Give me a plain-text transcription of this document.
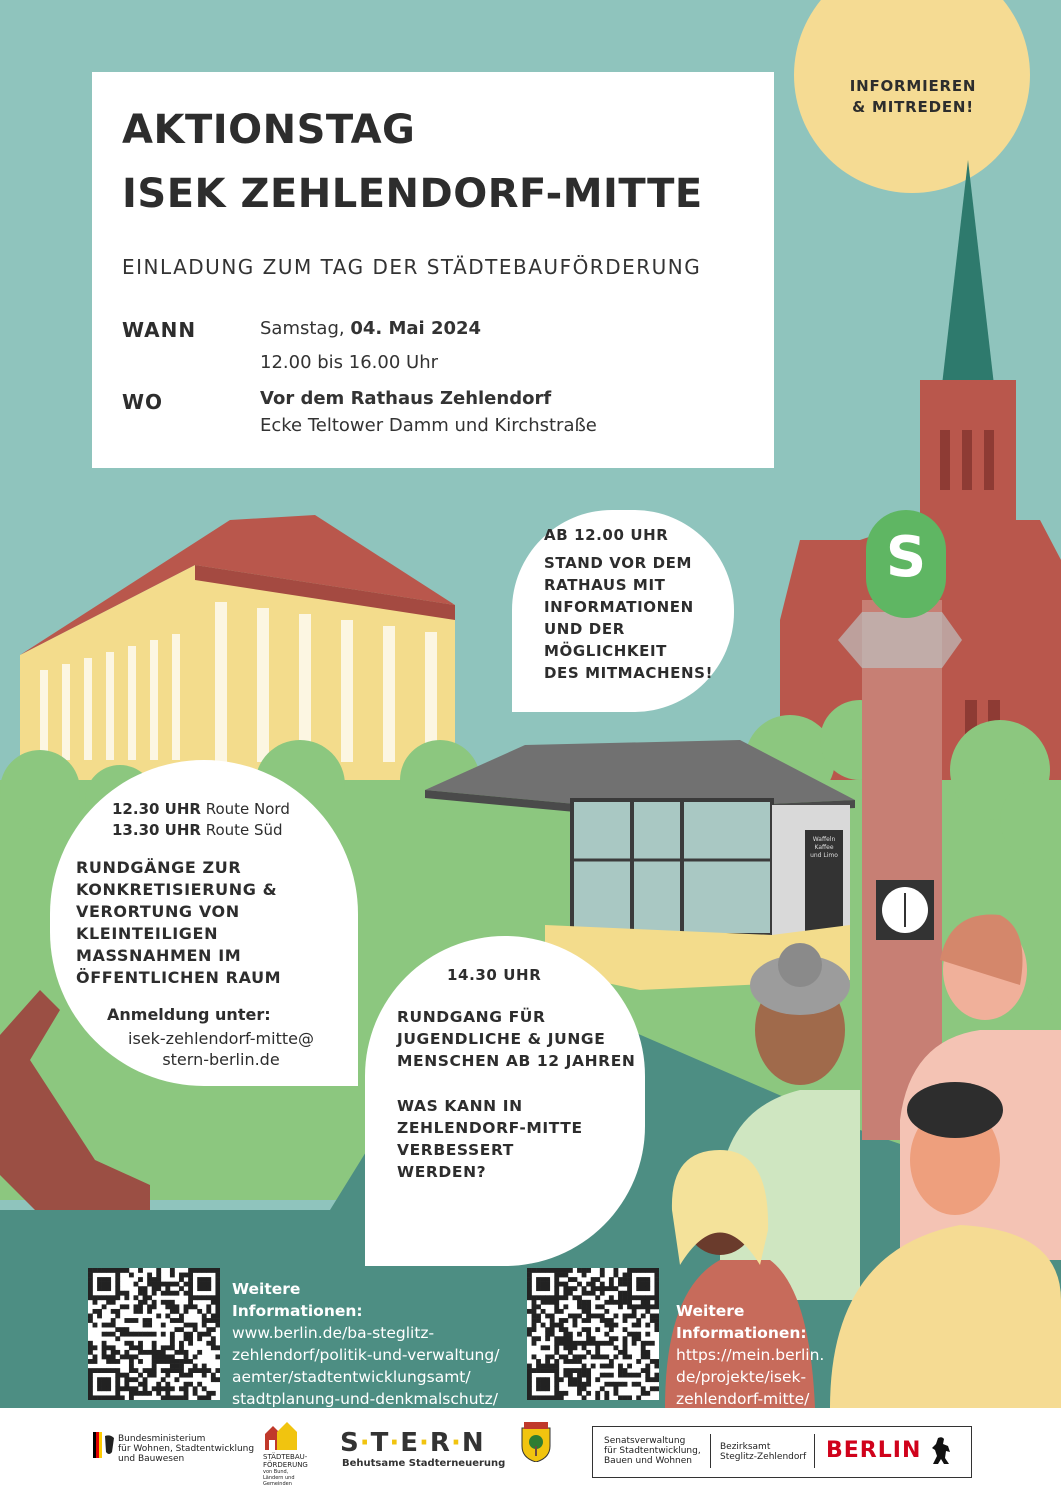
INFORMIEREN
& MITREDEN!
AKTIONSTAG
ISEK ZEHLENDORF-MITTE
EINLADUNG ZUM TAG DER STÄDTEBAUFÖRDERUNG
WANN	Samstag, 04. Mai 2024
12.00 bis 16.00 Uhr
WO	Vor dem Rathaus Zehlendorf
Ecke Teltower Damm und Kirchstraße
AB 12.00 UHR
STAND VOR DEM
RATHAUS MIT
INFORMATIONEN
UND DER
MÖGLICHKEIT
DES MITMACHENS!
12.30 UHR Route Nord
13.30 UHR Route Süd
RUNDGÄNGE ZUR
KONKRETISIERUNG &
VERORTUNG VON
KLEINTEILIGEN
MASSNAHMEN IM
ÖFFENTLICHEN RAUM
Anmeldung unter:
isek-zehlendorf-mitte@
stern-berlin.de
14.30 UHR
RUNDGANG FÜR
JUGENDLICHE & JUNGE
MENSCHEN AB 12 JAHREN
WAS KANN IN
ZEHLENDORF-MITTE
VERBESSERT
WERDEN?
S
Waffeln
Kaffee
und Limo
Weitere
Informationen:
www.berlin.de/ba-steglitz-
zehlendorf/politik-und-verwaltung/
aemter/stadtentwicklungsamt/
stadtplanung-und-denkmalschutz/
Weitere
Informationen:
https://mein.berlin.
de/projekte/isek-
zehlendorf-mitte/
Bundesministerium
für Wohnen, Stadtentwicklung
und Bauwesen	STÄDTEBAU-
FÖRDERUNG
von Bund, Ländern und Gemeinden
S·T·E·R·N
Behutsame Stadterneuerung
Senatsverwaltung
für Stadtentwicklung,
Bauen und Wohnen
Bezirksamt
Steglitz-Zehlendorf BERLIN
